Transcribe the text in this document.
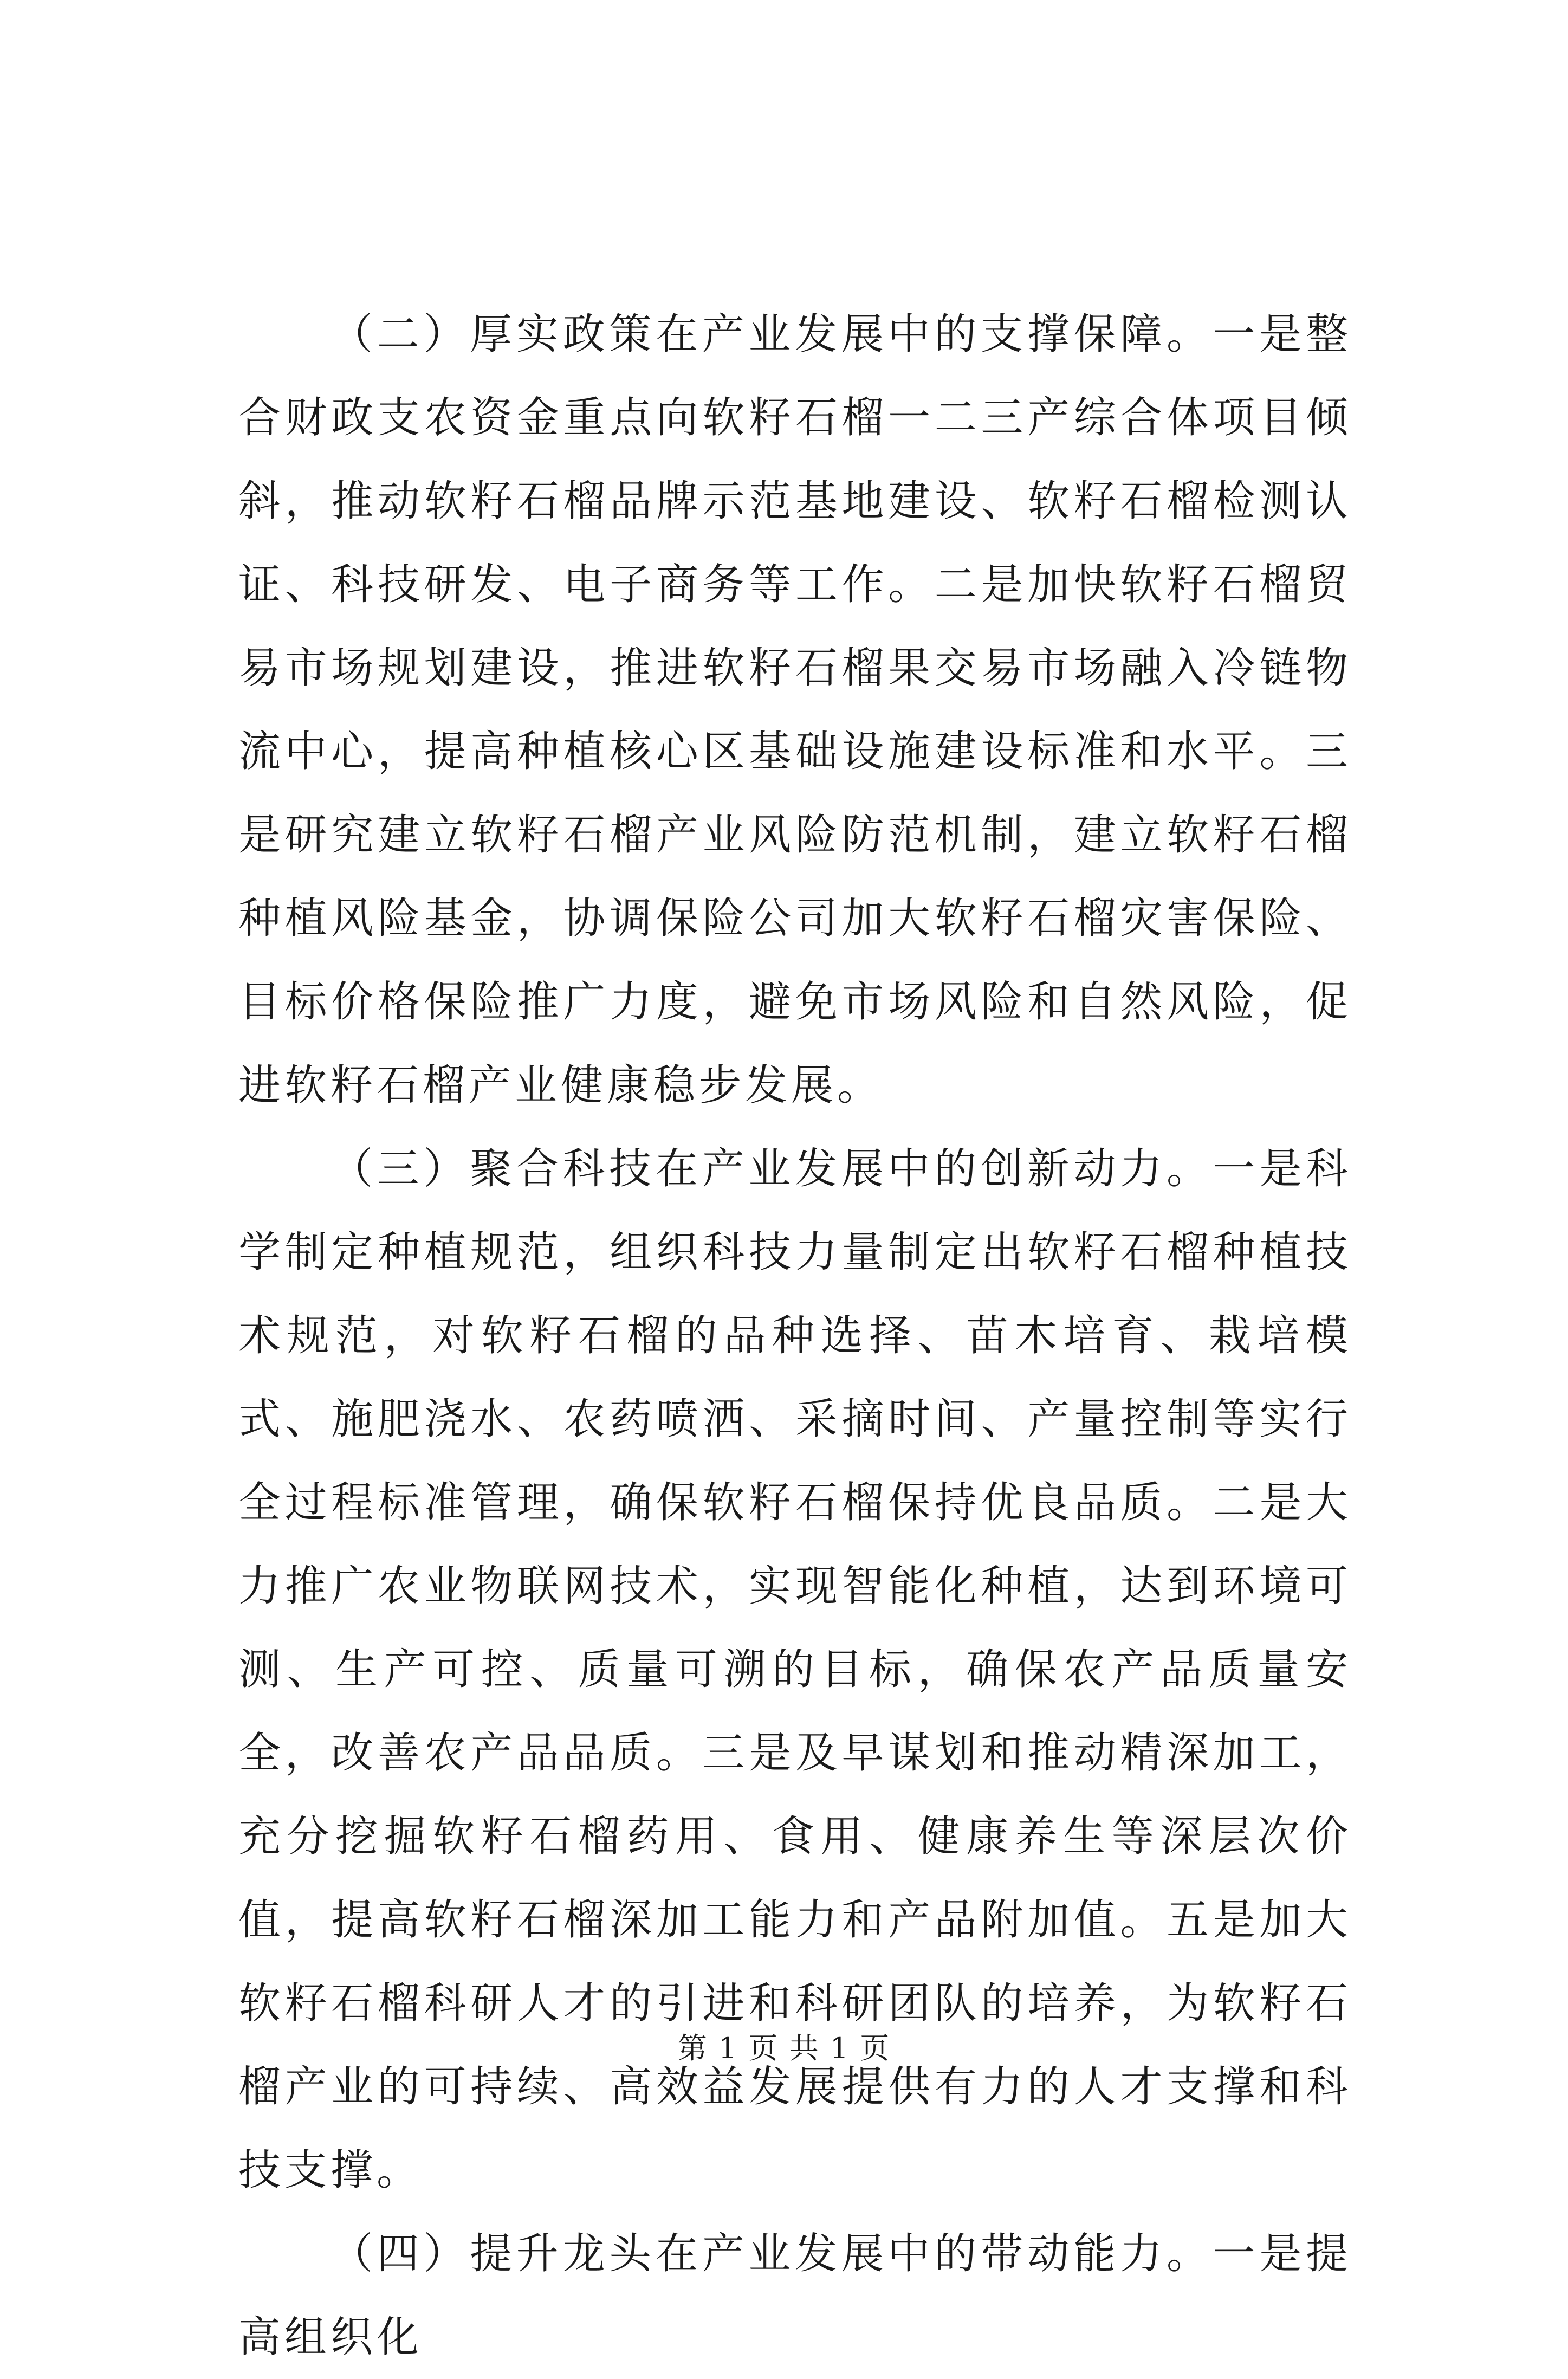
（二）厚实政策在产业发展中的支撑保障。一是整合财政支农资金重点向软籽石榴一二三产综合体项目倾斜，推动软籽石榴品牌示范基地建设、软籽石榴检测认证、科技研发、电子商务等工作。二是加快软籽石榴贸易市场规划建设，推进软籽石榴果交易市场融入冷链物流中心，提高种植核心区基础设施建设标准和水平。三是研究建立软籽石榴产业风险防范机制，建立软籽石榴种植风险基金，协调保险公司加大软籽石榴灾害保险、目标价格保险推广力度，避免市场风险和自然风险，促进软籽石榴产业健康稳步发展。

（三）聚合科技在产业发展中的创新动力。一是科学制定种植规范，组织科技力量制定出软籽石榴种植技术规范，对软籽石榴的品种选择、苗木培育、栽培模式、施肥浇水、农药喷洒、采摘时间、产量控制等实行全过程标准管理，确保软籽石榴保持优良品质。二是大力推广农业物联网技术，实现智能化种植，达到环境可测、生产可控、质量可溯的目标，确保农产品质量安全，改善农产品品质。三是及早谋划和推动精深加工，充分挖掘软籽石榴药用、食用、健康养生等深层次价值，提高软籽石榴深加工能力和产品附加值。五是加大软籽石榴科研人才的引进和科研团队的培养，为软籽石榴产业的可持续、高效益发展提供有力的人才支撑和科技支撑。

（四）提升龙头在产业发展中的带动能力。一是提高组织化

第 1 页 共 1 页
